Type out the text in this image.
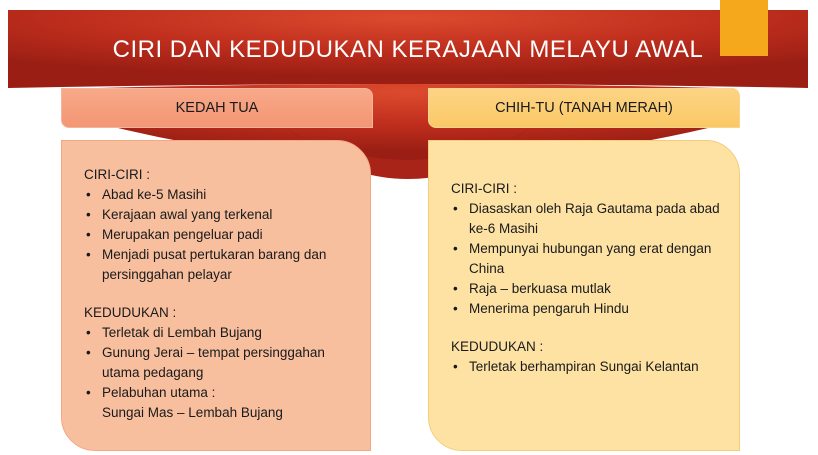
CIRI DAN KEDUDUKAN KERAJAAN MELAYU AWAL
KEDAH TUA	CHIH-TU (TANAH MERAH)

CIRI-CIRI :

• Abad ke-5 Masihi
• Kerajaan awal yang terkenal
• Merupakan pengeluar padi
• Menjadi pusat pertukaran barang dan persinggahan pelayar

KEDUDUKAN :

• Terletak di Lembah Bujang
• Gunung Jerai – tempat persinggahan utama pedagang
• Pelabuhan utama :
Sungai Mas – Lembah Bujang

CIRI-CIRI :

• Diasaskan oleh Raja Gautama pada abad ke-6 Masihi
• Mempunyai hubungan yang erat dengan China
• Raja – berkuasa mutlak
• Menerima pengaruh Hindu

KEDUDUKAN :

• Terletak berhampiran Sungai Kelantan
